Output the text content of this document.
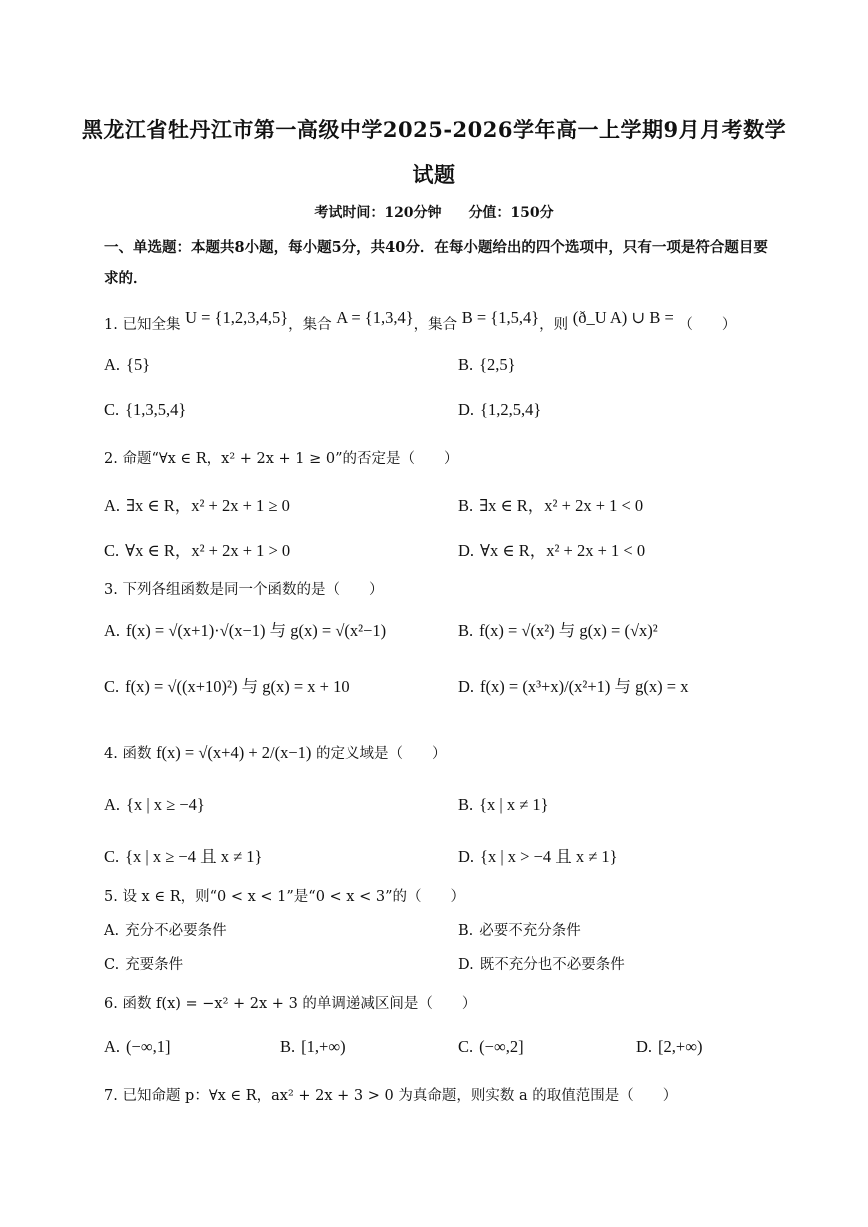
黑龙江省牡丹江市第一高级中学2025-2026学年高一上学期9月月考数学
试题
考试时间：120分钟 分值：150分
一、单选题：本题共8小题，每小题5分，共40分．在每小题给出的四个选项中，只有一项是符合题目要求的．
1. 已知全集 U = {1,2,3,4,5}，集合 A = {1,3,4}，集合 B = {1,5,4}，则 (ð_U A) ∪ B = （　　）
A. {5}	B. {2,5}
C. {1,3,5,4}	D. {1,2,5,4}
2. 命题“∀x ∈ R，x² + 2x + 1 ≥ 0”的否定是（　　）
A. ∃x ∈ R，x² + 2x + 1 ≥ 0	B. ∃x ∈ R，x² + 2x + 1 < 0
C. ∀x ∈ R，x² + 2x + 1 > 0	D. ∀x ∈ R，x² + 2x + 1 < 0
3. 下列各组函数是同一个函数的是（　　）
A. f(x) = √(x+1)·√(x−1) 与 g(x) = √(x²−1)	B. f(x) = √(x²) 与 g(x) = (√x)²
C. f(x) = √((x+10)²) 与 g(x) = x + 10	D. f(x) = (x³+x)/(x²+1) 与 g(x) = x
4. 函数 f(x) = √(x+4) + 2/(x−1) 的定义域是（　　）
A. {x | x ≥ −4}	B. {x | x ≠ 1}
C. {x | x ≥ −4 且 x ≠ 1}	D. {x | x > −4 且 x ≠ 1}
5. 设 x ∈ R，则“0 < x < 1”是“0 < x < 3”的（　　）
A. 充分不必要条件	B. 必要不充分条件
C. 充要条件	D. 既不充分也不必要条件
6. 函数 f(x) = −x² + 2x + 3 的单调递减区间是（　　）
A. (−∞,1]	B. [1,+∞)	C. (−∞,2]	D. [2,+∞)
7. 已知命题 p：∀x ∈ R，ax² + 2x + 3 > 0 为真命题，则实数 a 的取值范围是（　　）
